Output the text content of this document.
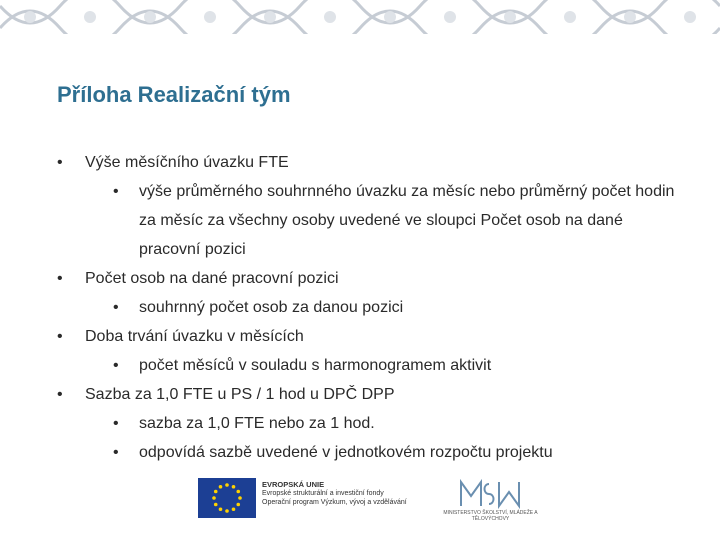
Příloha Realizační tým
• Výše měsíčního úvazku FTE
• výše průměrného souhrnného úvazku za měsíc nebo průměrný počet hodin za měsíc za všechny osoby uvedené ve sloupci Počet osob na dané pracovní pozici
• Počet osob na dané pracovní pozici
• souhrnný počet osob za danou pozici
• Doba trvání úvazku v měsících
• počet měsíců v souladu s harmonogramem aktivit
• Sazba za 1,0 FTE u PS / 1 hod u DPČ DPP
• sazba za 1,0 FTE nebo za 1 hod.
• odpovídá sazbě uvedené v jednotkovém rozpočtu projektu
EVROPSKÁ UNIE
Evropské strukturální a investiční fondy
Operační program Výzkum, vývoj a vzdělávání
MINISTERSTVO ŠKOLSTVÍ, MLÁDEŽE A TĚLOVÝCHOVY
